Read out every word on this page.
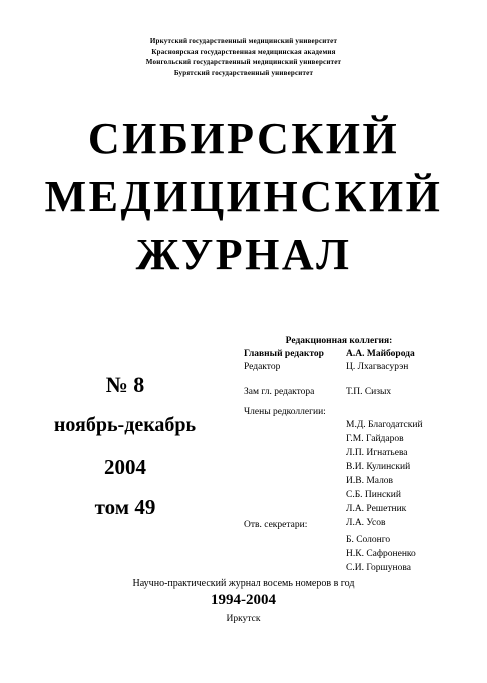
Иркутский государственный медицинский университет
Красноярская государственная медицинская академия
Монгольский государственный медицинский университет
Бурятский государственный университет
СИБИРСКИЙ
МЕДИЦИНСКИЙ
ЖУРНАЛ
№ 8
ноябрь-декабрь
2004
том 49
Редакционная коллегия:
Главный редактор А.А. Майборода
Редактор	Ц. Лхагвасурэн
Зам гл. редактора	Т.П. Сизых
Члены редколлегии:
М.Д. Благодатский
Г.М. Гайдаров
Л.П. Игнатьева
В.И. Кулинский
И.В. Малов
С.Б. Пинский
Л.А. Решетник
Л.А. Усов
Отв. секретари:
Б. Солонго
Н.К. Сафроненко
С.И. Горшунова
Научно-практический журнал восемь номеров в год
1994-2004
Иркутск
